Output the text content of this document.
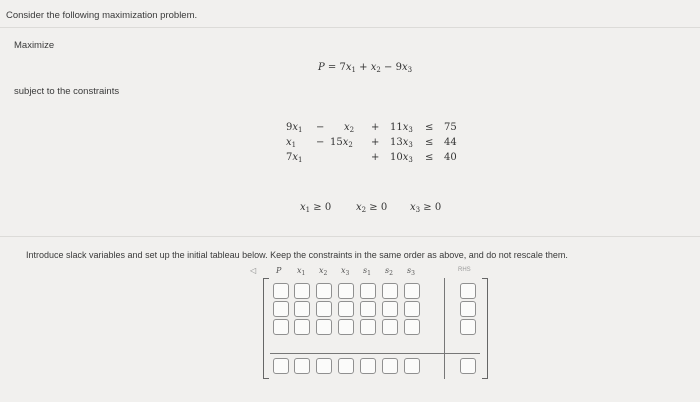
Consider the following maximization problem.
Maximize
$P = 7x_1 + x_2 - 9x_3$
subject to the constraints
$9x_1 - x_2 + 11x_3 \le 75$
$x_1 - 15x_2 + 13x_3 \le 44$
$7x_1$	+ $10x_3 \le 40$
$x_1 \ge 0$ $x_2 \ge 0$ $x_3 \ge 0$
Introduce slack variables and set up the initial tableau below. Keep the constraints in the same order as above, and do not rescale them.
◁ P $x_1$ $x_2$ $x_3$ $s_1$ $s_2$ $s_3$	RHS
